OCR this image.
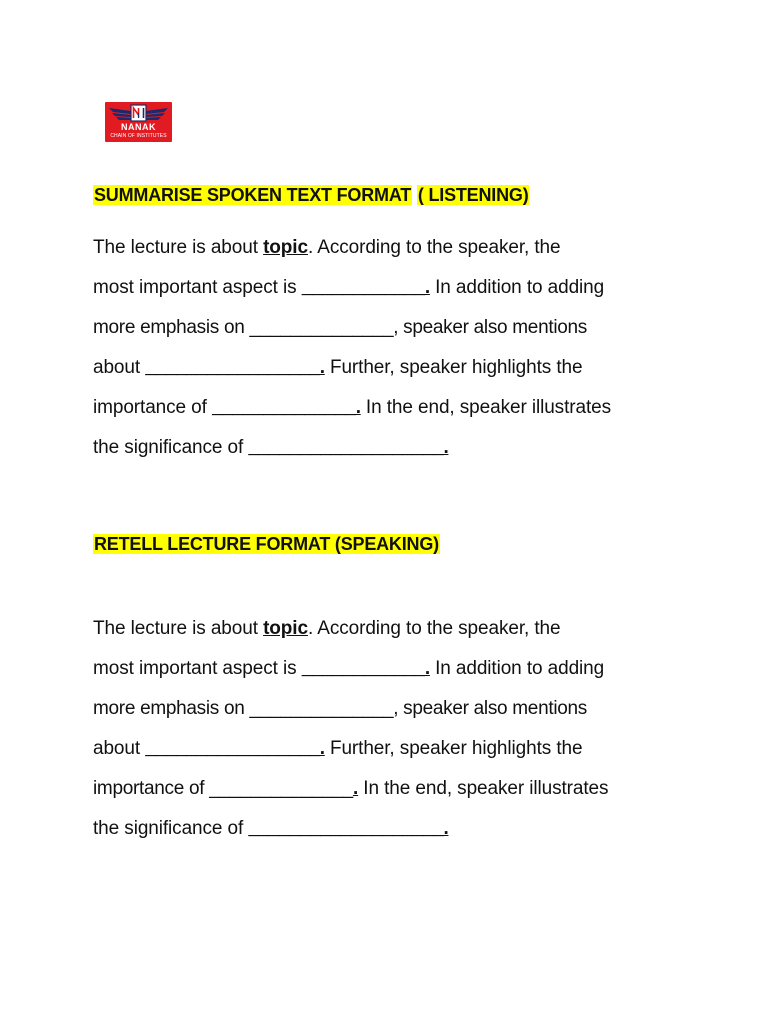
NANAK
CHAIN OF INSTITUTES
SUMMARISE SPOKEN TEXT FORMAT ( LISTENING)
The lecture is about topic. According to the speaker, the
most important aspect is ____________. In addition to adding
more emphasis on ______________, speaker also mentions
about _________________. Further, speaker highlights the
importance of ______________. In the end, speaker illustrates
the significance of ___________________.
RETELL LECTURE FORMAT (SPEAKING)
The lecture is about topic. According to the speaker, the
most important aspect is ____________. In addition to adding
more emphasis on ______________, speaker also mentions
about _________________. Further, speaker highlights the
importance of ______________. In the end, speaker illustrates
the significance of ___________________.
